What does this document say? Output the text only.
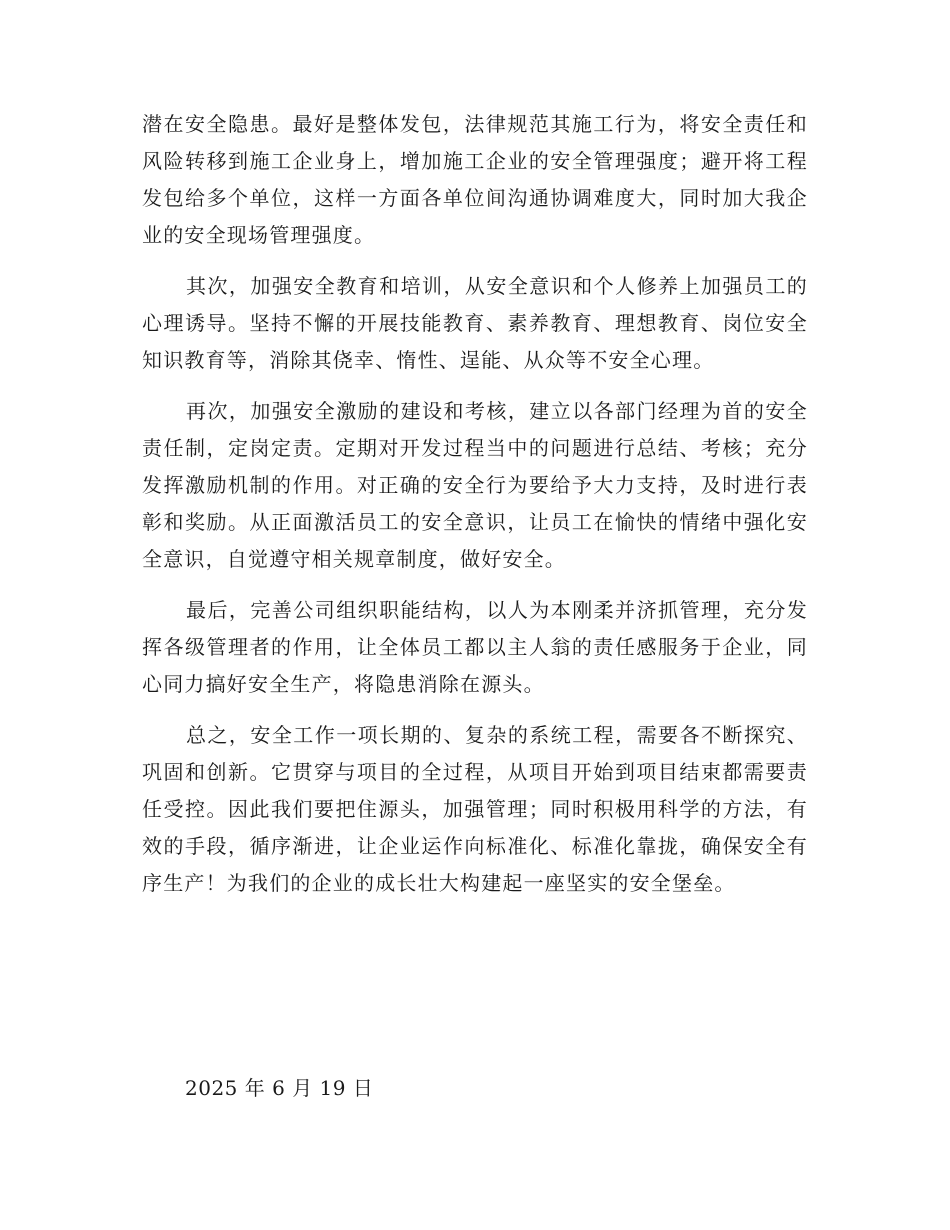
潜在安全隐患。最好是整体发包，法律规范其施工行为，将安全责任和风险转移到施工企业身上，增加施工企业的安全管理强度；避开将工程发包给多个单位，这样一方面各单位间沟通协调难度大，同时加大我企业的安全现场管理强度。

其次，加强安全教育和培训，从安全意识和个人修养上加强员工的心理诱导。坚持不懈的开展技能教育、素养教育、理想教育、岗位安全知识教育等，消除其侥幸、惰性、逞能、从众等不安全心理。

再次，加强安全激励的建设和考核，建立以各部门经理为首的安全责任制，定岗定责。定期对开发过程当中的问题进行总结、考核；充分发挥激励机制的作用。对正确的安全行为要给予大力支持，及时进行表彰和奖励。从正面激活员工的安全意识，让员工在愉快的情绪中强化安全意识，自觉遵守相关规章制度，做好安全。

最后，完善公司组织职能结构，以人为本刚柔并济抓管理，充分发挥各级管理者的作用，让全体员工都以主人翁的责任感服务于企业，同心同力搞好安全生产，将隐患消除在源头。

总之，安全工作一项长期的、复杂的系统工程，需要各不断探究、巩固和创新。它贯穿与项目的全过程，从项目开始到项目结束都需要责任受控。因此我们要把住源头，加强管理；同时积极用科学的方法，有效的手段，循序渐进，让企业运作向标准化、标准化靠拢，确保安全有序生产！为我们的企业的成长壮大构建起一座坚实的安全堡垒。

2025 年 6 月 19 日
